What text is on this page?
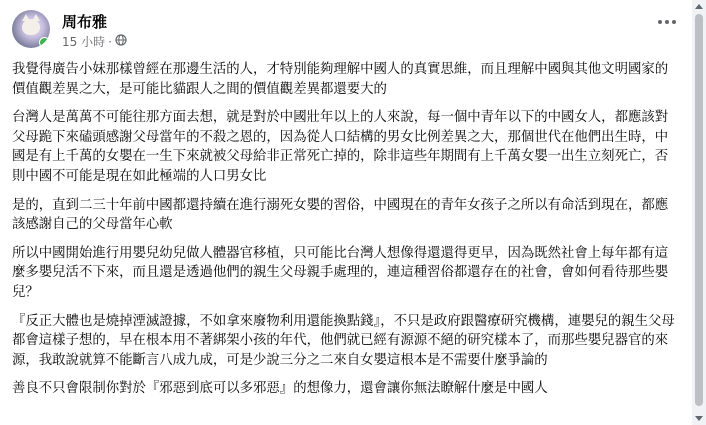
周布雅
15 小時 ·

我覺得廣告小妹那樣曾經在那邊生活的人，才特別能夠理解中國人的真實思維，而且理解中國與其他文明國家的價值觀差異之大，是可能比貓跟人之間的價值觀差異都還要大的

台灣人是萬萬不可能往那方面去想，就是對於中國壯年以上的人來說，每一個中青年以下的中國女人，都應該對父母跪下來磕頭感謝父母當年的不殺之恩的，因為從人口結構的男女比例差異之大，那個世代在他們出生時，中國是有上千萬的女嬰在一生下來就被父母給非正常死亡掉的，除非這些年期間有上千萬女嬰一出生立刻死亡，否則中國不可能是現在如此極端的人口男女比

是的，直到二三十年前中國都還持續在進行溺死女嬰的習俗，中國現在的青年女孩子之所以有命活到現在，都應該感謝自己的父母當年心軟

所以中國開始進行用嬰兒幼兒做人體器官移植，只可能比台灣人想像得還還得更早，因為既然社會上每年都有這麼多嬰兒活不下來，而且還是透過他們的親生父母親手處理的，連這種習俗都還存在的社會，會如何看待那些嬰兒？

『反正大體也是燒掉湮滅證據，不如拿來廢物利用還能換點錢』，不只是政府跟醫療研究機構，連嬰兒的親生父母都會這樣子想的，早在根本用不著綁架小孩的年代，他們就已經有源源不絕的研究樣本了，而那些嬰兒器官的來源，我敢說就算不能斷言八成九成，可是少說三分之二來自女嬰這根本是不需要什麼爭論的

善良不只會限制你對於『邪惡到底可以多邪惡』的想像力，還會讓你無法瞭解什麼是中國人
